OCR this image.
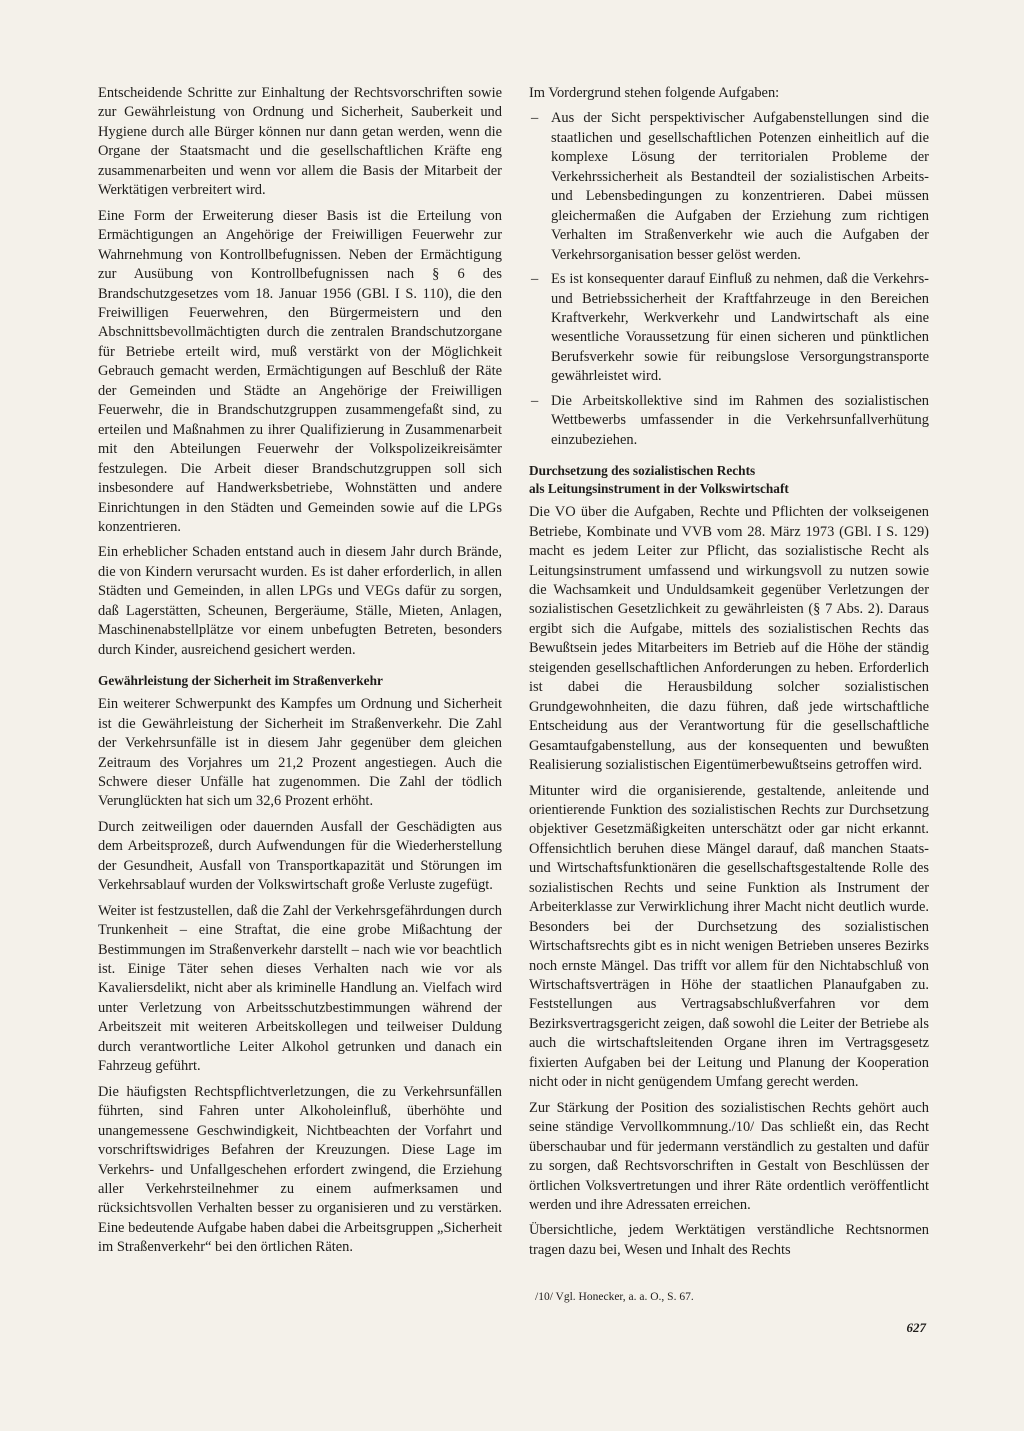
Entscheidende Schritte zur Einhaltung der Rechtsvorschriften sowie zur Gewährleistung von Ordnung und Sicherheit, Sauberkeit und Hygiene durch alle Bürger können nur dann getan werden, wenn die Organe der Staatsmacht und die gesellschaftlichen Kräfte eng zusammenarbeiten und wenn vor allem die Basis der Mitarbeit der Werktätigen verbreitert wird.

Eine Form der Erweiterung dieser Basis ist die Erteilung von Ermächtigungen an Angehörige der Freiwilligen Feuerwehr zur Wahrnehmung von Kontrollbefugnissen. Neben der Ermächtigung zur Ausübung von Kontrollbefugnissen nach § 6 des Brandschutzgesetzes vom 18. Januar 1956 (GBl. I S. 110), die den Freiwilligen Feuerwehren, den Bürgermeistern und den Abschnittsbevollmächtigten durch die zentralen Brandschutzorgane für Betriebe erteilt wird, muß verstärkt von der Möglichkeit Gebrauch gemacht werden, Ermächtigungen auf Beschluß der Räte der Gemeinden und Städte an Angehörige der Freiwilligen Feuerwehr, die in Brandschutzgruppen zusammengefaßt sind, zu erteilen und Maßnahmen zu ihrer Qualifizierung in Zusammenarbeit mit den Abteilungen Feuerwehr der Volkspolizeikreisämter festzulegen. Die Arbeit dieser Brandschutzgruppen soll sich insbesondere auf Handwerksbetriebe, Wohnstätten und andere Einrichtungen in den Städten und Gemeinden sowie auf die LPGs konzentrieren.

Ein erheblicher Schaden entstand auch in diesem Jahr durch Brände, die von Kindern verursacht wurden. Es ist daher erforderlich, in allen Städten und Gemeinden, in allen LPGs und VEGs dafür zu sorgen, daß Lagerstätten, Scheunen, Bergeräume, Ställe, Mieten, Anlagen, Maschinenabstellplätze vor einem unbefugten Betreten, besonders durch Kinder, ausreichend gesichert werden.

Gewährleistung der Sicherheit im Straßenverkehr

Ein weiterer Schwerpunkt des Kampfes um Ordnung und Sicherheit ist die Gewährleistung der Sicherheit im Straßenverkehr. Die Zahl der Verkehrsunfälle ist in diesem Jahr gegenüber dem gleichen Zeitraum des Vorjahres um 21,2 Prozent angestiegen. Auch die Schwere dieser Unfälle hat zugenommen. Die Zahl der tödlich Verunglückten hat sich um 32,6 Prozent erhöht.

Durch zeitweiligen oder dauernden Ausfall der Geschädigten aus dem Arbeitsprozeß, durch Aufwendungen für die Wiederherstellung der Gesundheit, Ausfall von Transportkapazität und Störungen im Verkehrsablauf wurden der Volkswirtschaft große Verluste zugefügt.

Weiter ist festzustellen, daß die Zahl der Verkehrsgefährdungen durch Trunkenheit – eine Straftat, die eine grobe Mißachtung der Bestimmungen im Straßenverkehr darstellt – nach wie vor beachtlich ist. Einige Täter sehen dieses Verhalten nach wie vor als Kavaliersdelikt, nicht aber als kriminelle Handlung an. Vielfach wird unter Verletzung von Arbeitsschutzbestimmungen während der Arbeitszeit mit weiteren Arbeitskollegen und teilweiser Duldung durch verantwortliche Leiter Alkohol getrunken und danach ein Fahrzeug geführt.

Die häufigsten Rechtspflichtverletzungen, die zu Verkehrsunfällen führten, sind Fahren unter Alkoholeinfluß, überhöhte und unangemessene Geschwindigkeit, Nichtbeachten der Vorfahrt und vorschriftswidriges Befahren der Kreuzungen. Diese Lage im Verkehrs- und Unfallgeschehen erfordert zwingend, die Erziehung aller Verkehrsteilnehmer zu einem aufmerksamen und rücksichtsvollen Verhalten besser zu organisieren und zu verstärken. Eine bedeutende Aufgabe haben dabei die Arbeitsgruppen „Sicherheit im Straßenverkehr“ bei den örtlichen Räten.

Im Vordergrund stehen folgende Aufgaben:

– Aus der Sicht perspektivischer Aufgabenstellungen sind die staatlichen und gesellschaftlichen Potenzen einheitlich auf die komplexe Lösung der territorialen Probleme der Verkehrssicherheit als Bestandteil der sozialistischen Arbeits- und Lebensbedingungen zu konzentrieren. Dabei müssen gleichermaßen die Aufgaben der Erziehung zum richtigen Verhalten im Straßenverkehr wie auch die Aufgaben der Verkehrsorganisation besser gelöst werden.
– Es ist konsequenter darauf Einfluß zu nehmen, daß die Verkehrs- und Betriebssicherheit der Kraftfahrzeuge in den Bereichen Kraftverkehr, Werkverkehr und Landwirtschaft als eine wesentliche Voraussetzung für einen sicheren und pünktlichen Berufsverkehr sowie für reibungslose Versorgungstransporte gewährleistet wird.
– Die Arbeitskollektive sind im Rahmen des sozialistischen Wettbewerbs umfassender in die Verkehrsunfallverhütung einzubeziehen.
Durchsetzung des sozialistischen Rechts
als Leitungsinstrument in der Volkswirtschaft

Die VO über die Aufgaben, Rechte und Pflichten der volkseigenen Betriebe, Kombinate und VVB vom 28. März 1973 (GBl. I S. 129) macht es jedem Leiter zur Pflicht, das sozialistische Recht als Leitungsinstrument umfassend und wirkungsvoll zu nutzen sowie die Wachsamkeit und Unduldsamkeit gegenüber Verletzungen der sozialistischen Gesetzlichkeit zu gewährleisten (§ 7 Abs. 2). Daraus ergibt sich die Aufgabe, mittels des sozialistischen Rechts das Bewußtsein jedes Mitarbeiters im Betrieb auf die Höhe der ständig steigenden gesellschaftlichen Anforderungen zu heben. Erforderlich ist dabei die Herausbildung solcher sozialistischen Grundgewohnheiten, die dazu führen, daß jede wirtschaftliche Entscheidung aus der Verantwortung für die gesellschaftliche Gesamtaufgabenstellung, aus der konsequenten und bewußten Realisierung sozialistischen Eigentümerbewußtseins getroffen wird.

Mitunter wird die organisierende, gestaltende, anleitende und orientierende Funktion des sozialistischen Rechts zur Durchsetzung objektiver Gesetzmäßigkeiten unterschätzt oder gar nicht erkannt. Offensichtlich beruhen diese Mängel darauf, daß manchen Staats- und Wirtschaftsfunktionären die gesellschaftsgestaltende Rolle des sozialistischen Rechts und seine Funktion als Instrument der Arbeiterklasse zur Verwirklichung ihrer Macht nicht deutlich wurde. Besonders bei der Durchsetzung des sozialistischen Wirtschaftsrechts gibt es in nicht wenigen Betrieben unseres Bezirks noch ernste Mängel. Das trifft vor allem für den Nichtabschluß von Wirtschaftsverträgen in Höhe der staatlichen Planaufgaben zu. Feststellungen aus Vertragsabschlußverfahren vor dem Bezirksvertragsgericht zeigen, daß sowohl die Leiter der Betriebe als auch die wirtschaftsleitenden Organe ihren im Vertragsgesetz fixierten Aufgaben bei der Leitung und Planung der Kooperation nicht oder in nicht genügendem Umfang gerecht werden.

Zur Stärkung der Position des sozialistischen Rechts gehört auch seine ständige Vervollkommnung./10/ Das schließt ein, das Recht überschaubar und für jedermann verständlich zu gestalten und dafür zu sorgen, daß Rechtsvorschriften in Gestalt von Beschlüssen der örtlichen Volksvertretungen und ihrer Räte ordentlich veröffentlicht werden und ihre Adressaten erreichen.

Übersichtliche, jedem Werktätigen verständliche Rechtsnormen tragen dazu bei, Wesen und Inhalt des Rechts

/10/ Vgl. Honecker, a. a. O., S. 67.

627
